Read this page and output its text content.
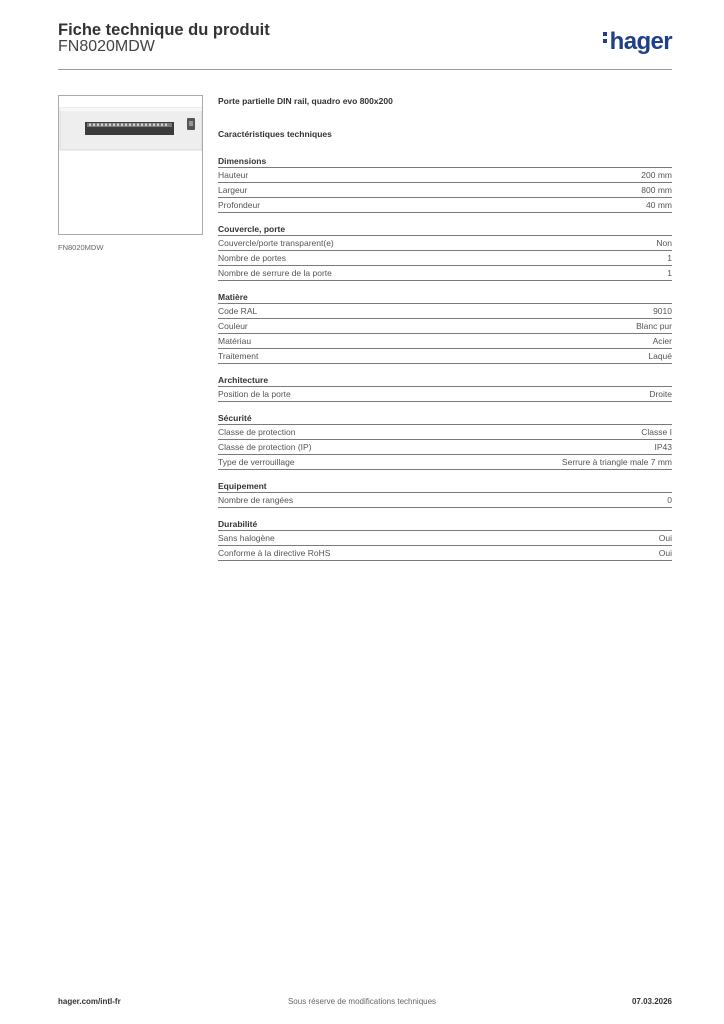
Fiche technique du produit
FN8020MDW	hager
FN8020MDW
Porte partielle DIN rail, quadro evo 800x200
Caractéristiques techniques
Dimensions
Hauteur	200 mm
Largeur	800 mm
Profondeur	40 mm
Couvercle, porte
Couvercle/porte transparent(e)	Non
Nombre de portes	1
Nombre de serrure de la porte	1
Matière
Code RAL	9010
Couleur	Blanc pur
Matériau	Acier
Traitement	Laqué
Architecture
Position de la porte	Droite
Sécurité
Classe de protection	Classe I
Classe de protection (IP)	IP43
Type de verrouillage	Serrure à triangle male 7 mm
Equipement
Nombre de rangées	0
Durabilité
Sans halogène	Oui
Conforme à la directive RoHS	Oui
Sous réserve de modifications techniques
hager.com/intl-fr	07.03.2026
